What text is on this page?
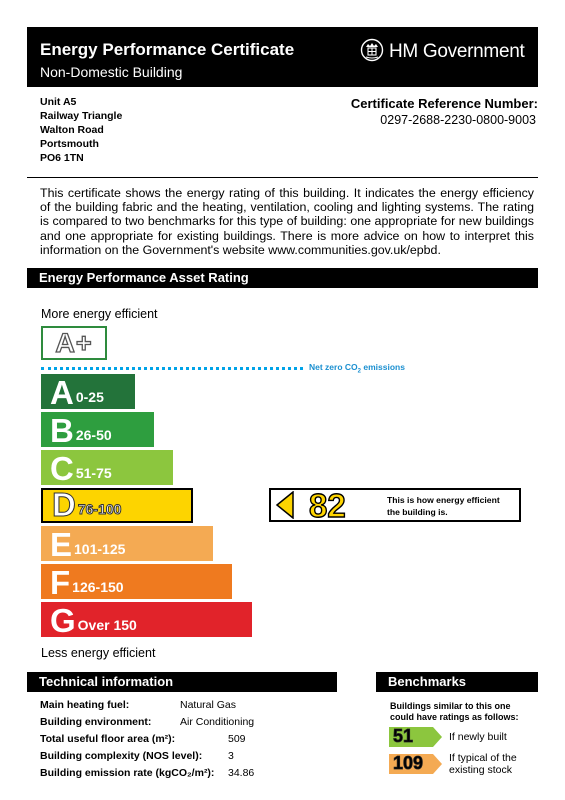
Energy Performance Certificate
Non-Domestic Building
HM Government
Unit A5
Railway Triangle
Walton Road
Portsmouth
PO6 1TN
Certificate Reference Number:
0297-2688-2230-0800-9003
This certificate shows the energy rating of this building. It indicates the energy efficiency of the building fabric and the heating, ventilation, cooling and lighting systems. The rating is compared to two benchmarks for this type of building: one appropriate for new buildings and one appropriate for existing buildings. There is more advice on how to interpret this information on the Government's website www.communities.gov.uk/epbd.
Energy Performance Asset Rating
More energy efficient
A+
Net zero $CO_2$ emissions
A 0-25
B 26-50
C 51-75
D 76-100
E 101-125
F 126-150
G Over 150
82	This is how energy efficient
the building is.
Less energy efficient
Technical information
Main heating fuel:	Natural Gas
Building environment:	Air Conditioning
Total useful floor area (m²):	509
Building complexity (NOS level): 3
Building emission rate (kgCO₂/m²): 34.86
Benchmarks
Buildings similar to this one
could have ratings as follows:
51	If newly built
109 If typical of the
existing stock
